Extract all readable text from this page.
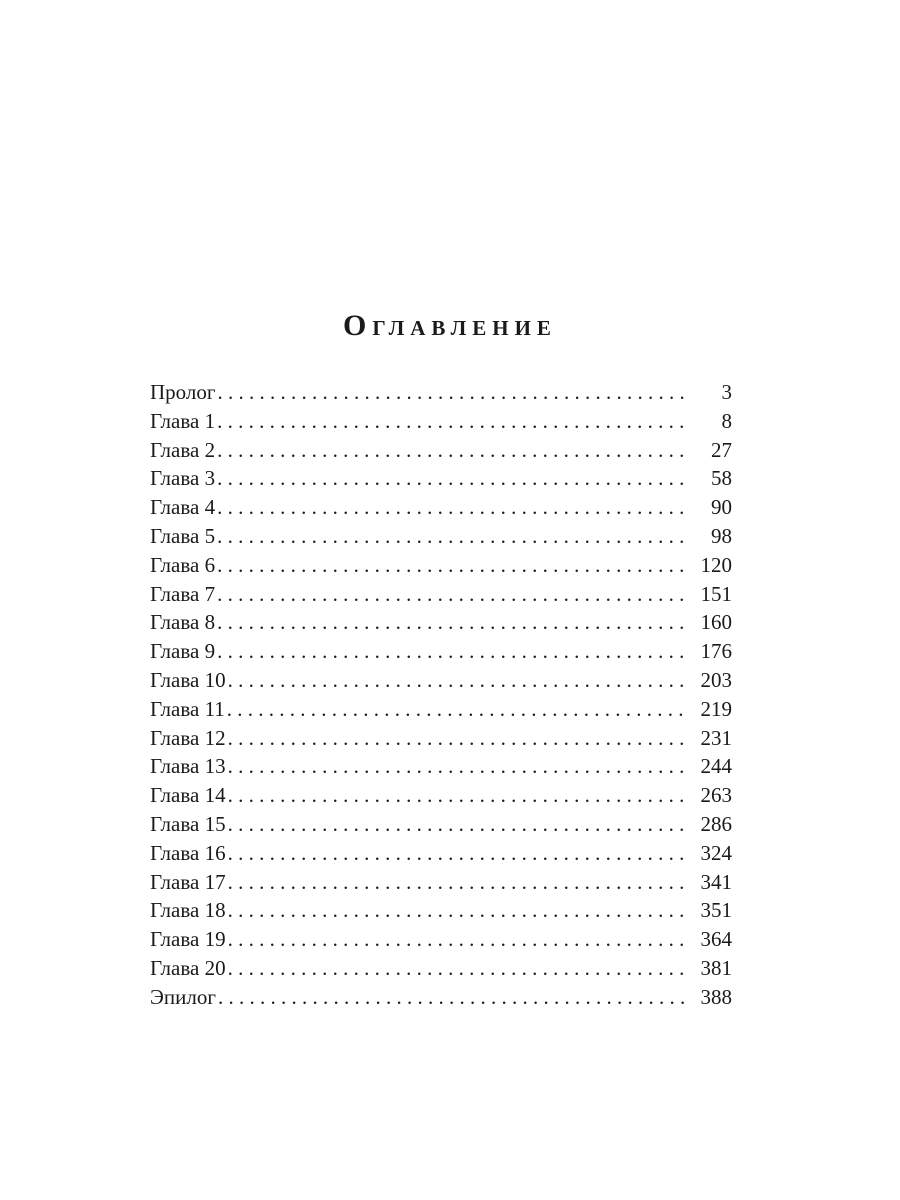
Оглавление
Пролог . . .	3
Глава 1 . . .	8
Глава 2 . . .	27
Глава 3 . . .	58
Глава 4 . . .	90
Глава 5 . . .	98
Глава 6 . . .	120
Глава 7 . . .	151
Глава 8 . . .	160
Глава 9 . . .	176
Глава 10 . . .	203
Глава 11 . . .	219
Глава 12 . . .	231
Глава 13 . . .	244
Глава 14 . . .	263
Глава 15 . . .	286
Глава 16 . . .	324
Глава 17 . . .	341
Глава 18 . . .	351
Глава 19 . . .	364
Глава 20 . . .	381
Эпилог . . .	388
